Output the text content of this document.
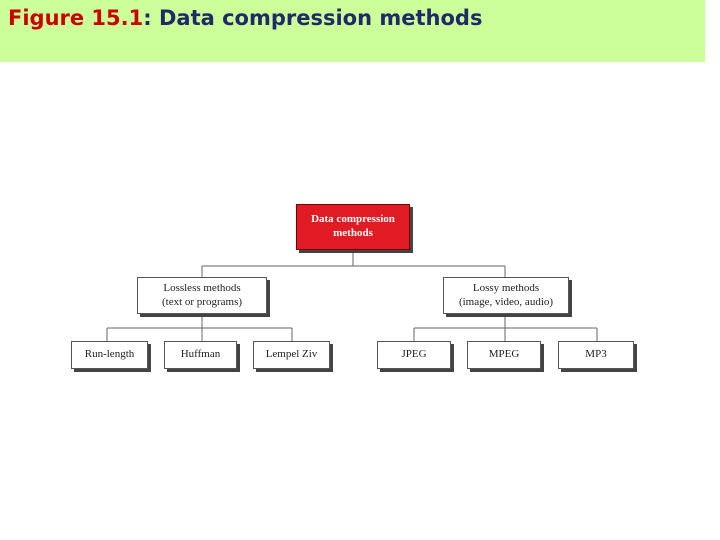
Figure 15.1: Data compression methods
Data compression
methods
Lossless methods
(text or programs)
Lossy methods
(image, video, audio)
Run-length	Huffman	Lempel Ziv	JPEG	MPEG	MP3
